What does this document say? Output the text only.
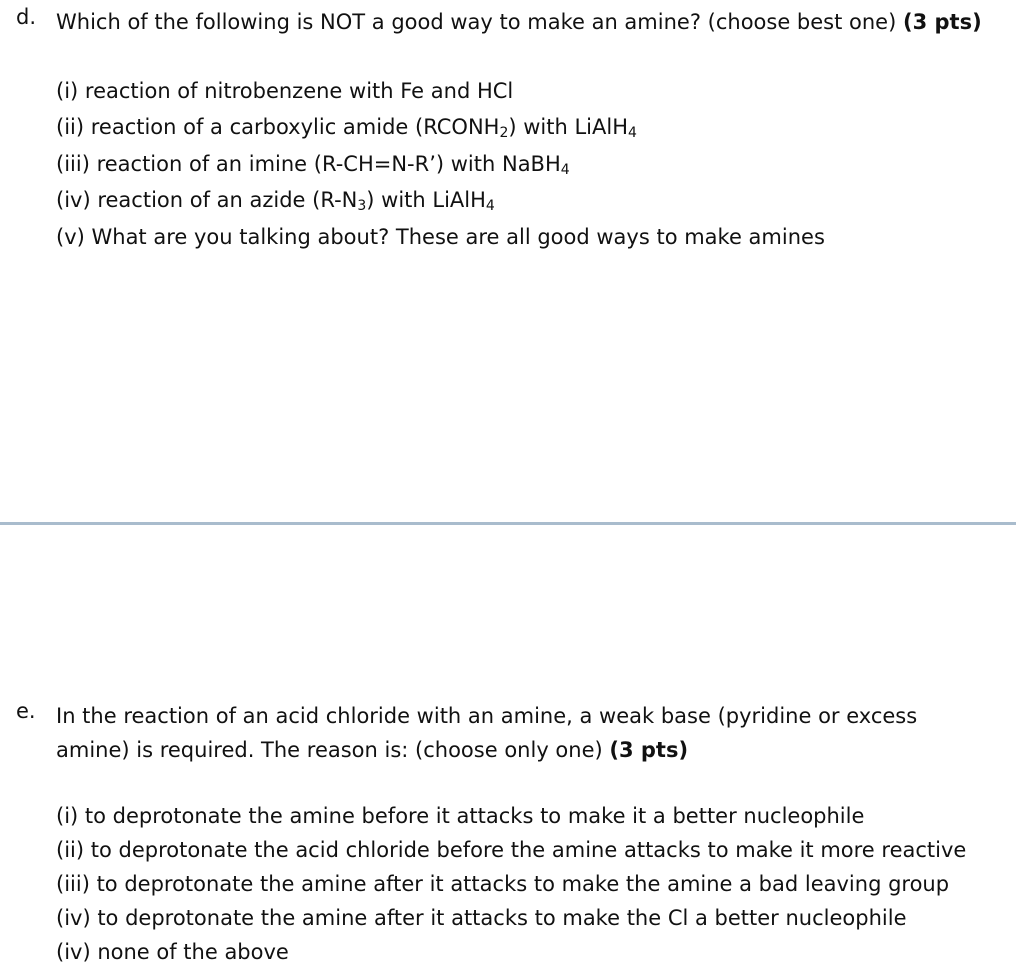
d. Which of the following is NOT a good way to make an amine? (choose best one) (3 pts)
(i) reaction of nitrobenzene with Fe and HCl
(ii) reaction of a carboxylic amide $(RCONH_2)$ with LiAlH$_4$
(iii) reaction of an imine (R-CH=N-R’) with NaBH$_4$
(iv) reaction of an azide $(R-N_3)$ with LiAlH$_4$
(v) What are you talking about? These are all good ways to make amines
e. In the reaction of an acid chloride with an amine, a weak base (pyridine or excess amine) is required. The reason is: (choose only one) (3 pts)
(i) to deprotonate the amine before it attacks to make it a better nucleophile
(ii) to deprotonate the acid chloride before the amine attacks to make it more reactive
(iii) to deprotonate the amine after it attacks to make the amine a bad leaving group
(iv) to deprotonate the amine after it attacks to make the Cl a better nucleophile
(iv) none of the above
